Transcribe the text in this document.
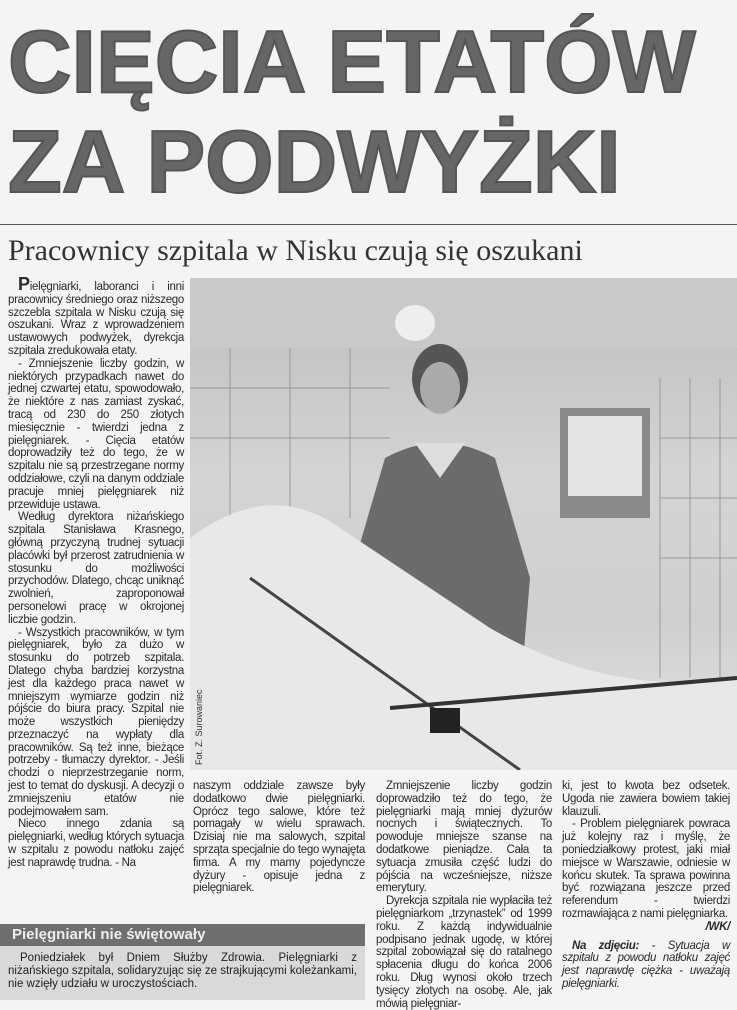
CIĘCIA ETATÓW
ZA PODWYŻKI
Pracownicy szpitala w Nisku czują się oszukani
Fot. Z. Surowaniec

Pielęgniarki, laboranci i inni pracownicy średniego oraz niższego szczebla szpitala w Nisku czują się oszukani. Wraz z wprowadzeniem ustawowych podwyżek, dyrekcja szpitala zredukowała etaty.

- Zmniejszenie liczby godzin, w niektórych przypadkach nawet do jednej czwartej etatu, spowodowało, że niektóre z nas zamiast zyskać, tracą od 230 do 250 złotych miesięcznie - twierdzi jedna z pielęgniarek. - Cięcia etatów doprowadziły też do tego, że w szpitalu nie są przestrzegane normy oddziałowe, czyli na danym oddziale pracuje mniej pielęgniarek niż przewiduje ustawa.

Według dyrektora niżańskiego szpitala Stanisława Krasnego, główną przyczyną trudnej sytuacji placówki był przerost zatrudnienia w stosunku do możliwości przychodów. Dlatego, chcąc uniknąć zwolnień, zaproponował personelowi pracę w okrojonej liczbie godzin.

- Wszystkich pracowników, w tym pielęgniarek, było za dużo w stosunku do potrzeb szpitala. Dlatego chyba bardziej korzystna jest dla każdego praca nawet w mniejszym wymiarze godzin niż pójście do biura pracy. Szpital nie może wszystkich pieniędzy przeznaczyć na wypłaty dla pracowników. Są też inne, bieżące potrzeby - tłumaczy dyrektor. - Jeśli chodzi o nieprzestrzeganie norm, jest to temat do dyskusji. A decyzji o zmniejszeniu etatów nie podejmowałem sam.

Nieco innego zdania są pielęgniarki, według których sytuacja w szpitalu z powodu natłoku zajęć jest naprawdę trudna. - Na

naszym oddziale zawsze były dodatkowo dwie pielęgniarki. Oprócz tego salowe, które też pomagały w wielu sprawach. Dzisiaj nie ma salowych, szpital sprząta specjalnie do tego wynajęta firma. A my mamy pojedyncze dyżury - opisuje jedna z pielęgniarek.

Zmniejszenie liczby godzin doprowadziło też do tego, że pielęgniarki mają mniej dyżurów nocnych i świątecznych. To powoduje mniejsze szanse na dodatkowe pieniądze. Cała ta sytuacja zmusiła część ludzi do pójścia na wcześniejsze, niższe emerytury.

Dyrekcja szpitala nie wypłaciła też pielęgniarkom „trzynastek” od 1999 roku. Z każdą indywidualnie podpisano jednak ugodę, w której szpital zobowiązał się do ratalnego spłacenia długu do końca 2006 roku. Dług wynosi około trzech tysięcy złotych na osobę. Ale, jak mówią pielęgniar-

ki, jest to kwota bez odsetek. Ugoda nie zawiera bowiem takiej klauzuli.

- Problem pielęgniarek powraca już kolejny raz i myślę, że poniedziałkowy protest, jaki miał miejsce w Warszawie, odniesie w końcu skutek. Ta sprawa powinna być rozwiązana jeszcze przed referendum - twierdzi rozmawiająca z nami pielęgniarka.

/WK/

Na zdjęciu: - Sytuacja w szpitalu z powodu natłoku zajęć jest naprawdę ciężka - uważają pielęgniarki.

Pielęgniarki nie świętowały
Poniedziałek był Dniem Służby Zdrowia. Pielęgniarki z niżańskiego szpitala, solidaryzując się ze strajkującymi koleżankami, nie wzięły udziału w uroczystościach.
